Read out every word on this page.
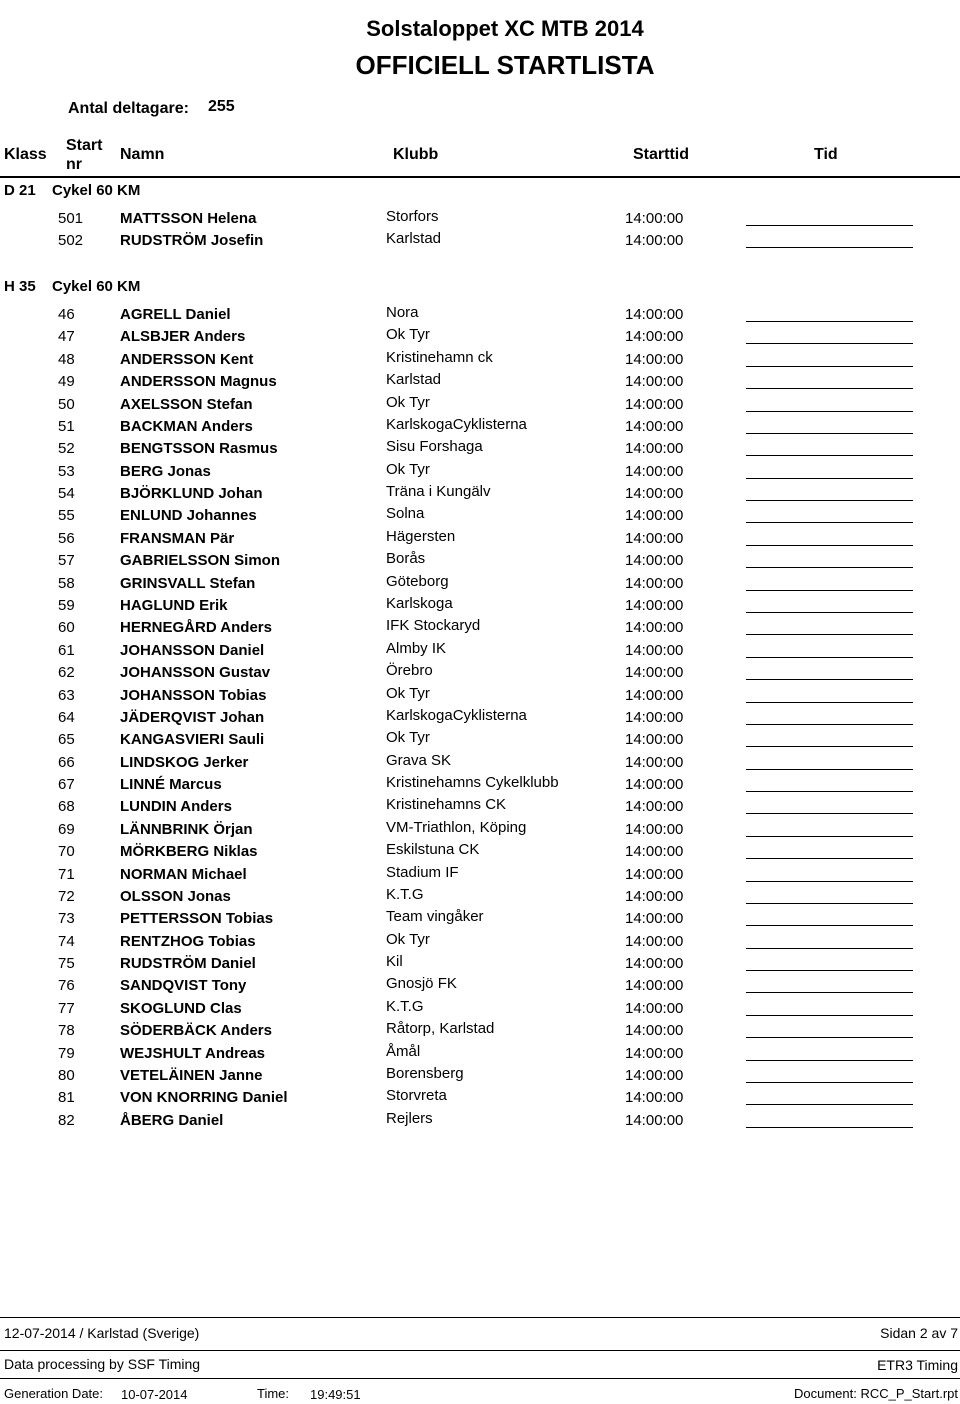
Solstaloppet XC MTB 2014
OFFICIELL STARTLISTA
Antal deltagare: 255
Klass
Start
nr
Namn	Klubb	Starttid	Tid
D 21 Cykel 60 KM
501 MATTSSON Helena	Storfors	14:00:00
502 RUDSTRÖM Josefin	Karlstad	14:00:00
H 35 Cykel 60 KM
46	AGRELL Daniel	Nora	14:00:00
47	ALSBJER Anders	Ok Tyr	14:00:00
48	ANDERSSON Kent	Kristinehamn ck	14:00:00
49	ANDERSSON Magnus	Karlstad	14:00:00
50	AXELSSON Stefan	Ok Tyr	14:00:00
51	BACKMAN Anders	KarlskogaCyklisterna	14:00:00
52	BENGTSSON Rasmus	Sisu Forshaga	14:00:00
53	BERG Jonas	Ok Tyr	14:00:00
54	BJÖRKLUND Johan	Träna i Kungälv	14:00:00
55	ENLUND Johannes	Solna	14:00:00
56	FRANSMAN Pär	Hägersten	14:00:00
57	GABRIELSSON Simon	Borås	14:00:00
58	GRINSVALL Stefan	Göteborg	14:00:00
59	HAGLUND Erik	Karlskoga	14:00:00
60	HERNEGÅRD Anders	IFK Stockaryd	14:00:00
61	JOHANSSON Daniel	Almby IK	14:00:00
62	JOHANSSON Gustav	Örebro	14:00:00
63	JOHANSSON Tobias	Ok Tyr	14:00:00
64	JÄDERQVIST Johan	KarlskogaCyklisterna	14:00:00
65	KANGASVIERI Sauli	Ok Tyr	14:00:00
66	LINDSKOG Jerker	Grava SK	14:00:00
67	LINNÉ Marcus	Kristinehamns Cykelklubb	14:00:00
68	LUNDIN Anders	Kristinehamns CK	14:00:00
69	LÄNNBRINK Örjan	VM-Triathlon, Köping	14:00:00
70	MÖRKBERG Niklas	Eskilstuna CK	14:00:00
71	NORMAN Michael	Stadium IF	14:00:00
72	OLSSON Jonas	K.T.G	14:00:00
73	PETTERSSON Tobias	Team vingåker	14:00:00
74	RENTZHOG Tobias	Ok Tyr	14:00:00
75	RUDSTRÖM Daniel	Kil	14:00:00
76	SANDQVIST Tony	Gnosjö FK	14:00:00
77	SKOGLUND Clas	K.T.G	14:00:00
78	SÖDERBÄCK Anders	Råtorp, Karlstad	14:00:00
79	WEJSHULT Andreas	Åmål	14:00:00
80	VETELÄINEN Janne	Borensberg	14:00:00
81	VON KNORRING Daniel	Storvreta	14:00:00
82	ÅBERG Daniel	Rejlers	14:00:00
12-07-2014 / Karlstad (Sverige)	Sidan 2 av 7
Data processing by SSF Timing	ETR3 Timing
Generation Date: 10-07-2014	Time: 19:49:51	Document: RCC_P_Start.rpt
